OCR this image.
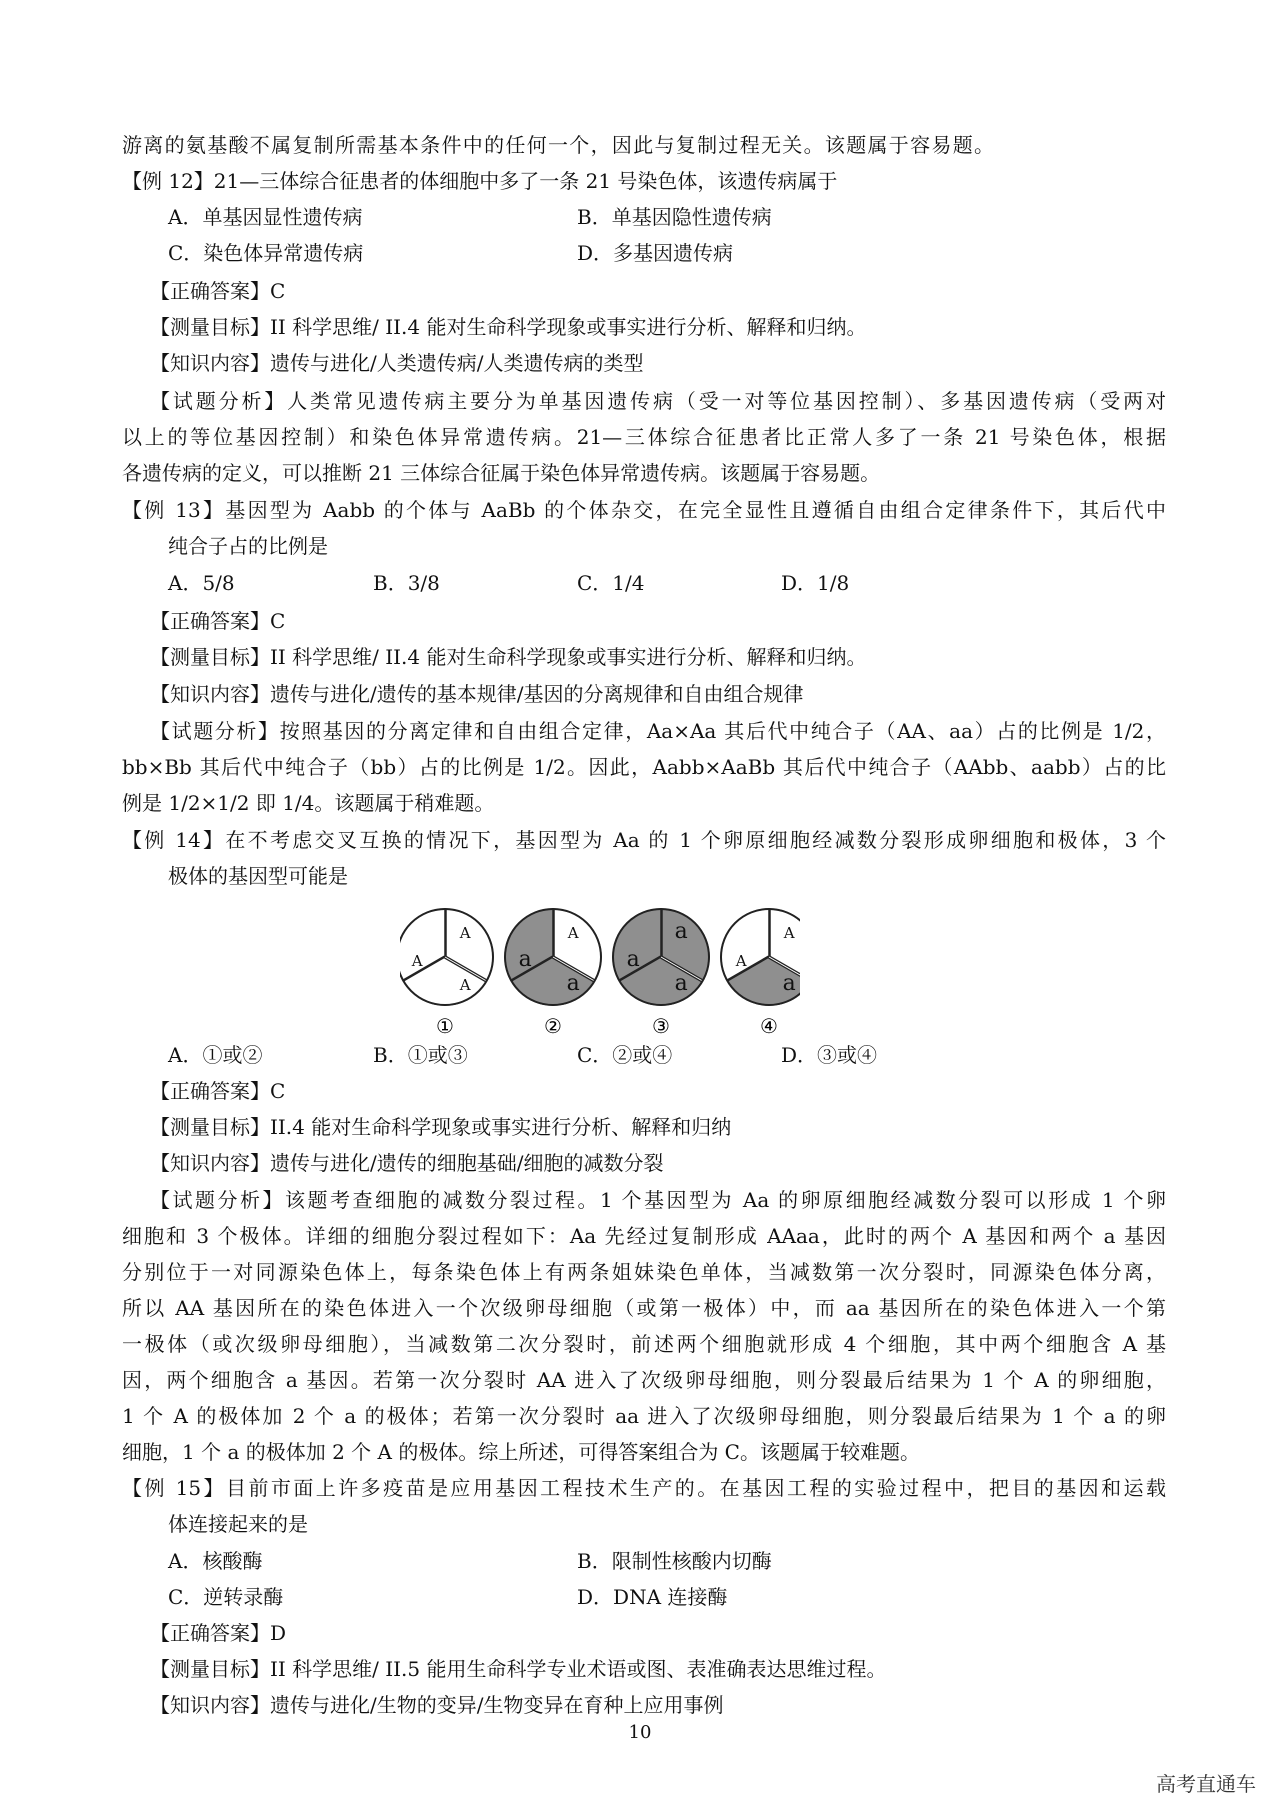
游离的氨基酸不属复制所需基本条件中的任何一个，因此与复制过程无关。该题属于容易题。
【例 12】21—三体综合征患者的体细胞中多了一条 21 号染色体，该遗传病属于
A．单基因显性遗传病	B．单基因隐性遗传病
C．染色体异常遗传病	D．多基因遗传病
【正确答案】C
【测量目标】II 科学思维/ II.4 能对生命科学现象或事实进行分析、解释和归纳。
【知识内容】遗传与进化/人类遗传病/人类遗传病的类型
【试题分析】人类常见遗传病主要分为单基因遗传病（受一对等位基因控制）、多基因遗传病（受两对
以上的等位基因控制）和染色体异常遗传病。21—三体综合征患者比正常人多了一条 21 号染色体，根据
各遗传病的定义，可以推断 21 三体综合征属于染色体异常遗传病。该题属于容易题。
【例 13】基因型为 Aabb 的个体与 AaBb 的个体杂交，在完全显性且遵循自由组合定律条件下，其后代中
纯合子占的比例是
A．5/8	B．3/8	C．1/4	D．1/8
【正确答案】C
【测量目标】II 科学思维/ II.4 能对生命科学现象或事实进行分析、解释和归纳。
【知识内容】遗传与进化/遗传的基本规律/基因的分离规律和自由组合规律
【试题分析】按照基因的分离定律和自由组合定律，Aa×Aa 其后代中纯合子（AA、aa）占的比例是 1/2，
bb×Bb 其后代中纯合子（bb）占的比例是 1/2。因此，Aabb×AaBb 其后代中纯合子（AAbb、aabb）占的比
例是 1/2×1/2 即 1/4。该题属于稍难题。
【例 14】在不考虑交叉互换的情况下，基因型为 Aa 的 1 个卵原细胞经减数分裂形成卵细胞和极体，3 个
极体的基因型可能是
A
A
A
①
A
a
a
②
a
a
a
③
A
A
a
④
A．①或②	B．①或③	C．②或④	D．③或④
【正确答案】C
【测量目标】II.4 能对生命科学现象或事实进行分析、解释和归纳
【知识内容】遗传与进化/遗传的细胞基础/细胞的减数分裂
【试题分析】该题考查细胞的减数分裂过程。1 个基因型为 Aa 的卵原细胞经减数分裂可以形成 1 个卵
细胞和 3 个极体。详细的细胞分裂过程如下：Aa 先经过复制形成 AAaa，此时的两个 A 基因和两个 a 基因
分别位于一对同源染色体上，每条染色体上有两条姐妹染色单体，当减数第一次分裂时，同源染色体分离，
所以 AA 基因所在的染色体进入一个次级卵母细胞（或第一极体）中，而 aa 基因所在的染色体进入一个第
一极体（或次级卵母细胞），当减数第二次分裂时，前述两个细胞就形成 4 个细胞，其中两个细胞含 A 基
因，两个细胞含 a 基因。若第一次分裂时 AA 进入了次级卵母细胞，则分裂最后结果为 1 个 A 的卵细胞，
1 个 A 的极体加 2 个 a 的极体；若第一次分裂时 aa 进入了次级卵母细胞，则分裂最后结果为 1 个 a 的卵
细胞，1 个 a 的极体加 2 个 A 的极体。综上所述，可得答案组合为 C。该题属于较难题。
【例 15】目前市面上许多疫苗是应用基因工程技术生产的。在基因工程的实验过程中，把目的基因和运载
体连接起来的是
A．核酸酶	B．限制性核酸内切酶
C．逆转录酶	D．DNA 连接酶
【正确答案】D
【测量目标】II 科学思维/ II.5 能用生命科学专业术语或图、表准确表达思维过程。
【知识内容】遗传与进化/生物的变异/生物变异在育种上应用事例
10
高考直通车
